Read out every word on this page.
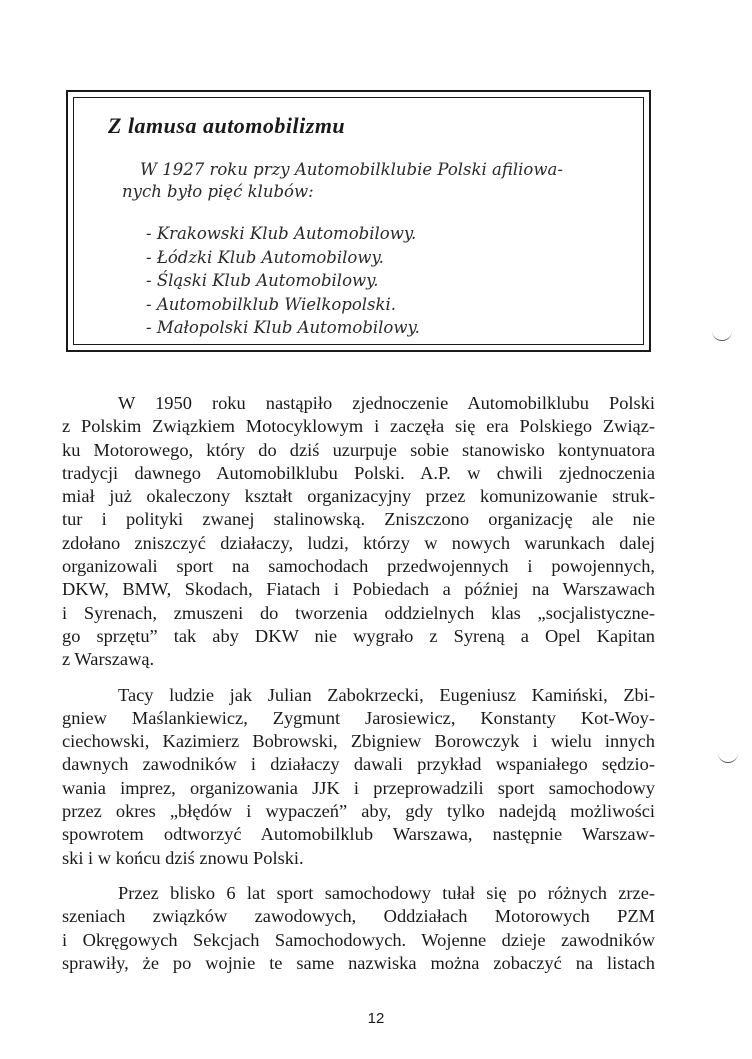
Z lamusa automobilizmu

W 1927 roku przy Automobilklubie Polski afiliowa-
nych było pięć klubów:

- Krakowski Klub Automobilowy.
- Łódzki Klub Automobilowy.
- Śląski Klub Automobilowy.
- Automobilklub Wielkopolski.
- Małopolski Klub Automobilowy.
W 1950 roku nastąpiło zjednoczenie Automobilklubu Polski
z Polskim Związkiem Motocyklowym i zaczęła się era Polskiego Związ-
ku Motorowego, który do dziś uzurpuje sobie stanowisko kontynuatora
tradycji dawnego Automobilklubu Polski. A.P. w chwili zjednoczenia
miał już okaleczony kształt organizacyjny przez komunizowanie struk-
tur i polityki zwanej stalinowską. Zniszczono organizację ale nie
zdołano zniszczyć działaczy, ludzi, którzy w nowych warunkach dalej
organizowali sport na samochodach przedwojennych i powojennych,
DKW, BMW, Skodach, Fiatach i Pobiedach a później na Warszawach
i Syrenach, zmuszeni do tworzenia oddzielnych klas „socjalistyczne-
go sprzętu” tak aby DKW nie wygrało z Syreną a Opel Kapitan
z Warszawą.
Tacy ludzie jak Julian Zabokrzecki, Eugeniusz Kamiński, Zbi-
gniew Maślankiewicz, Zygmunt Jarosiewicz, Konstanty Kot-Woy-
ciechowski, Kazimierz Bobrowski, Zbigniew Borowczyk i wielu innych
dawnych zawodników i działaczy dawali przykład wspaniałego sędzio-
wania imprez, organizowania JJK i przeprowadzili sport samochodowy
przez okres „błędów i wypaczeń” aby, gdy tylko nadejdą możliwości
spowrotem odtworzyć Automobilklub Warszawa, następnie Warszaw-
ski i w końcu dziś znowu Polski.
Przez blisko 6 lat sport samochodowy tułał się po różnych zrze-
szeniach związków zawodowych, Oddziałach Motorowych PZM
i Okręgowych Sekcjach Samochodowych. Wojenne dzieje zawodników
sprawiły, że po wojnie te same nazwiska można zobaczyć na listach
12
